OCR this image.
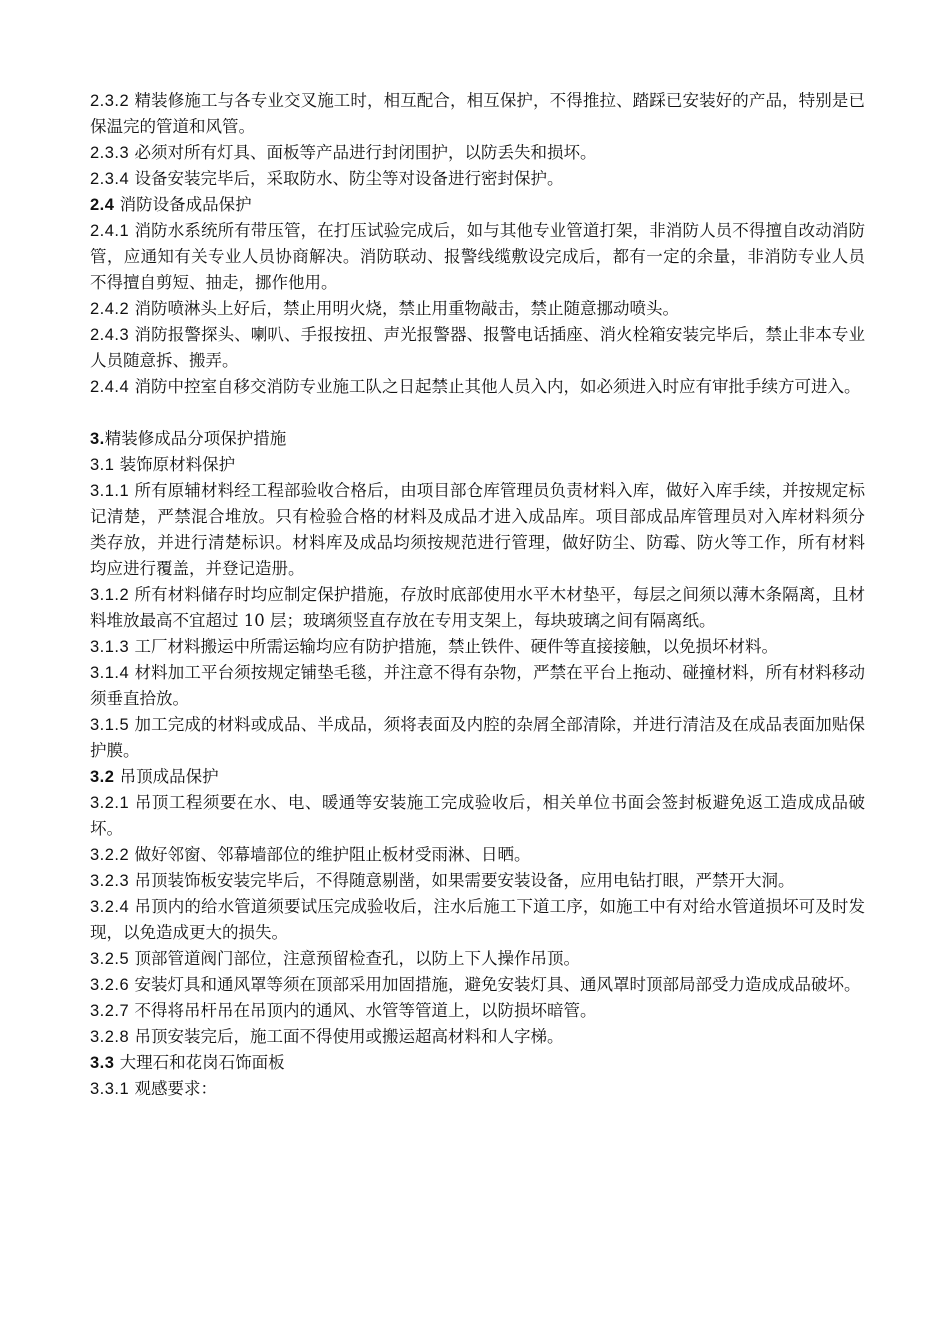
2.3.2 精装修施工与各专业交叉施工时，相互配合，相互保护，不得推拉、踏踩已安装好的产品，特别是已保温完的管道和风管。

2.3.3 必须对所有灯具、面板等产品进行封闭围护，以防丢失和损坏。

2.3.4 设备安装完毕后，采取防水、防尘等对设备进行密封保护。

2.4 消防设备成品保护

2.4.1 消防水系统所有带压管，在打压试验完成后，如与其他专业管道打架，非消防人员不得擅自改动消防管，应通知有关专业人员协商解决。消防联动、报警线缆敷设完成后，都有一定的余量，非消防专业人员不得擅自剪短、抽走，挪作他用。

2.4.2 消防喷淋头上好后，禁止用明火烧，禁止用重物敲击，禁止随意挪动喷头。

2.4.3 消防报警探头、喇叭、手报按扭、声光报警器、报警电话插座、消火栓箱安装完毕后，禁止非本专业人员随意拆、搬弄。

2.4.4 消防中控室自移交消防专业施工队之日起禁止其他人员入内，如必须进入时应有审批手续方可进入。

3.精装修成品分项保护措施

3.1 装饰原材料保护

3.1.1 所有原辅材料经工程部验收合格后，由项目部仓库管理员负责材料入库，做好入库手续，并按规定标记清楚，严禁混合堆放。只有检验合格的材料及成品才进入成品库。项目部成品库管理员对入库材料须分类存放，并进行清楚标识。材料库及成品均须按规范进行管理，做好防尘、防霉、防火等工作，所有材料均应进行覆盖，并登记造册。

3.1.2 所有材料储存时均应制定保护措施，存放时底部使用水平木材垫平，每层之间须以薄木条隔离，且材料堆放最高不宜超过 10 层；玻璃须竖直存放在专用支架上，每块玻璃之间有隔离纸。

3.1.3 工厂材料搬运中所需运输均应有防护措施，禁止铁件、硬件等直接接触，以免损坏材料。

3.1.4 材料加工平台须按规定铺垫毛毯，并注意不得有杂物，严禁在平台上拖动、碰撞材料，所有材料移动须垂直拾放。

3.1.5 加工完成的材料或成品、半成品，须将表面及内腔的杂屑全部清除，并进行清洁及在成品表面加贴保护膜。

3.2 吊顶成品保护

3.2.1 吊顶工程须要在水、电、暖通等安装施工完成验收后，相关单位书面会签封板避免返工造成成品破坏。

3.2.2 做好邻窗、邻幕墙部位的维护阻止板材受雨淋、日晒。

3.2.3 吊顶装饰板安装完毕后，不得随意剔凿，如果需要安装设备，应用电钻打眼，严禁开大洞。

3.2.4 吊顶内的给水管道须要试压完成验收后，注水后施工下道工序，如施工中有对给水管道损坏可及时发现，以免造成更大的损失。

3.2.5 顶部管道阀门部位，注意预留检查孔，以防上下人操作吊顶。

3.2.6 安装灯具和通风罩等须在顶部采用加固措施，避免安装灯具、通风罩时顶部局部受力造成成品破坏。

3.2.7 不得将吊杆吊在吊顶内的通风、水管等管道上，以防损坏暗管。

3.2.8 吊顶安装完后，施工面不得使用或搬运超高材料和人字梯。

3.3 大理石和花岗石饰面板

3.3.1 观感要求：
